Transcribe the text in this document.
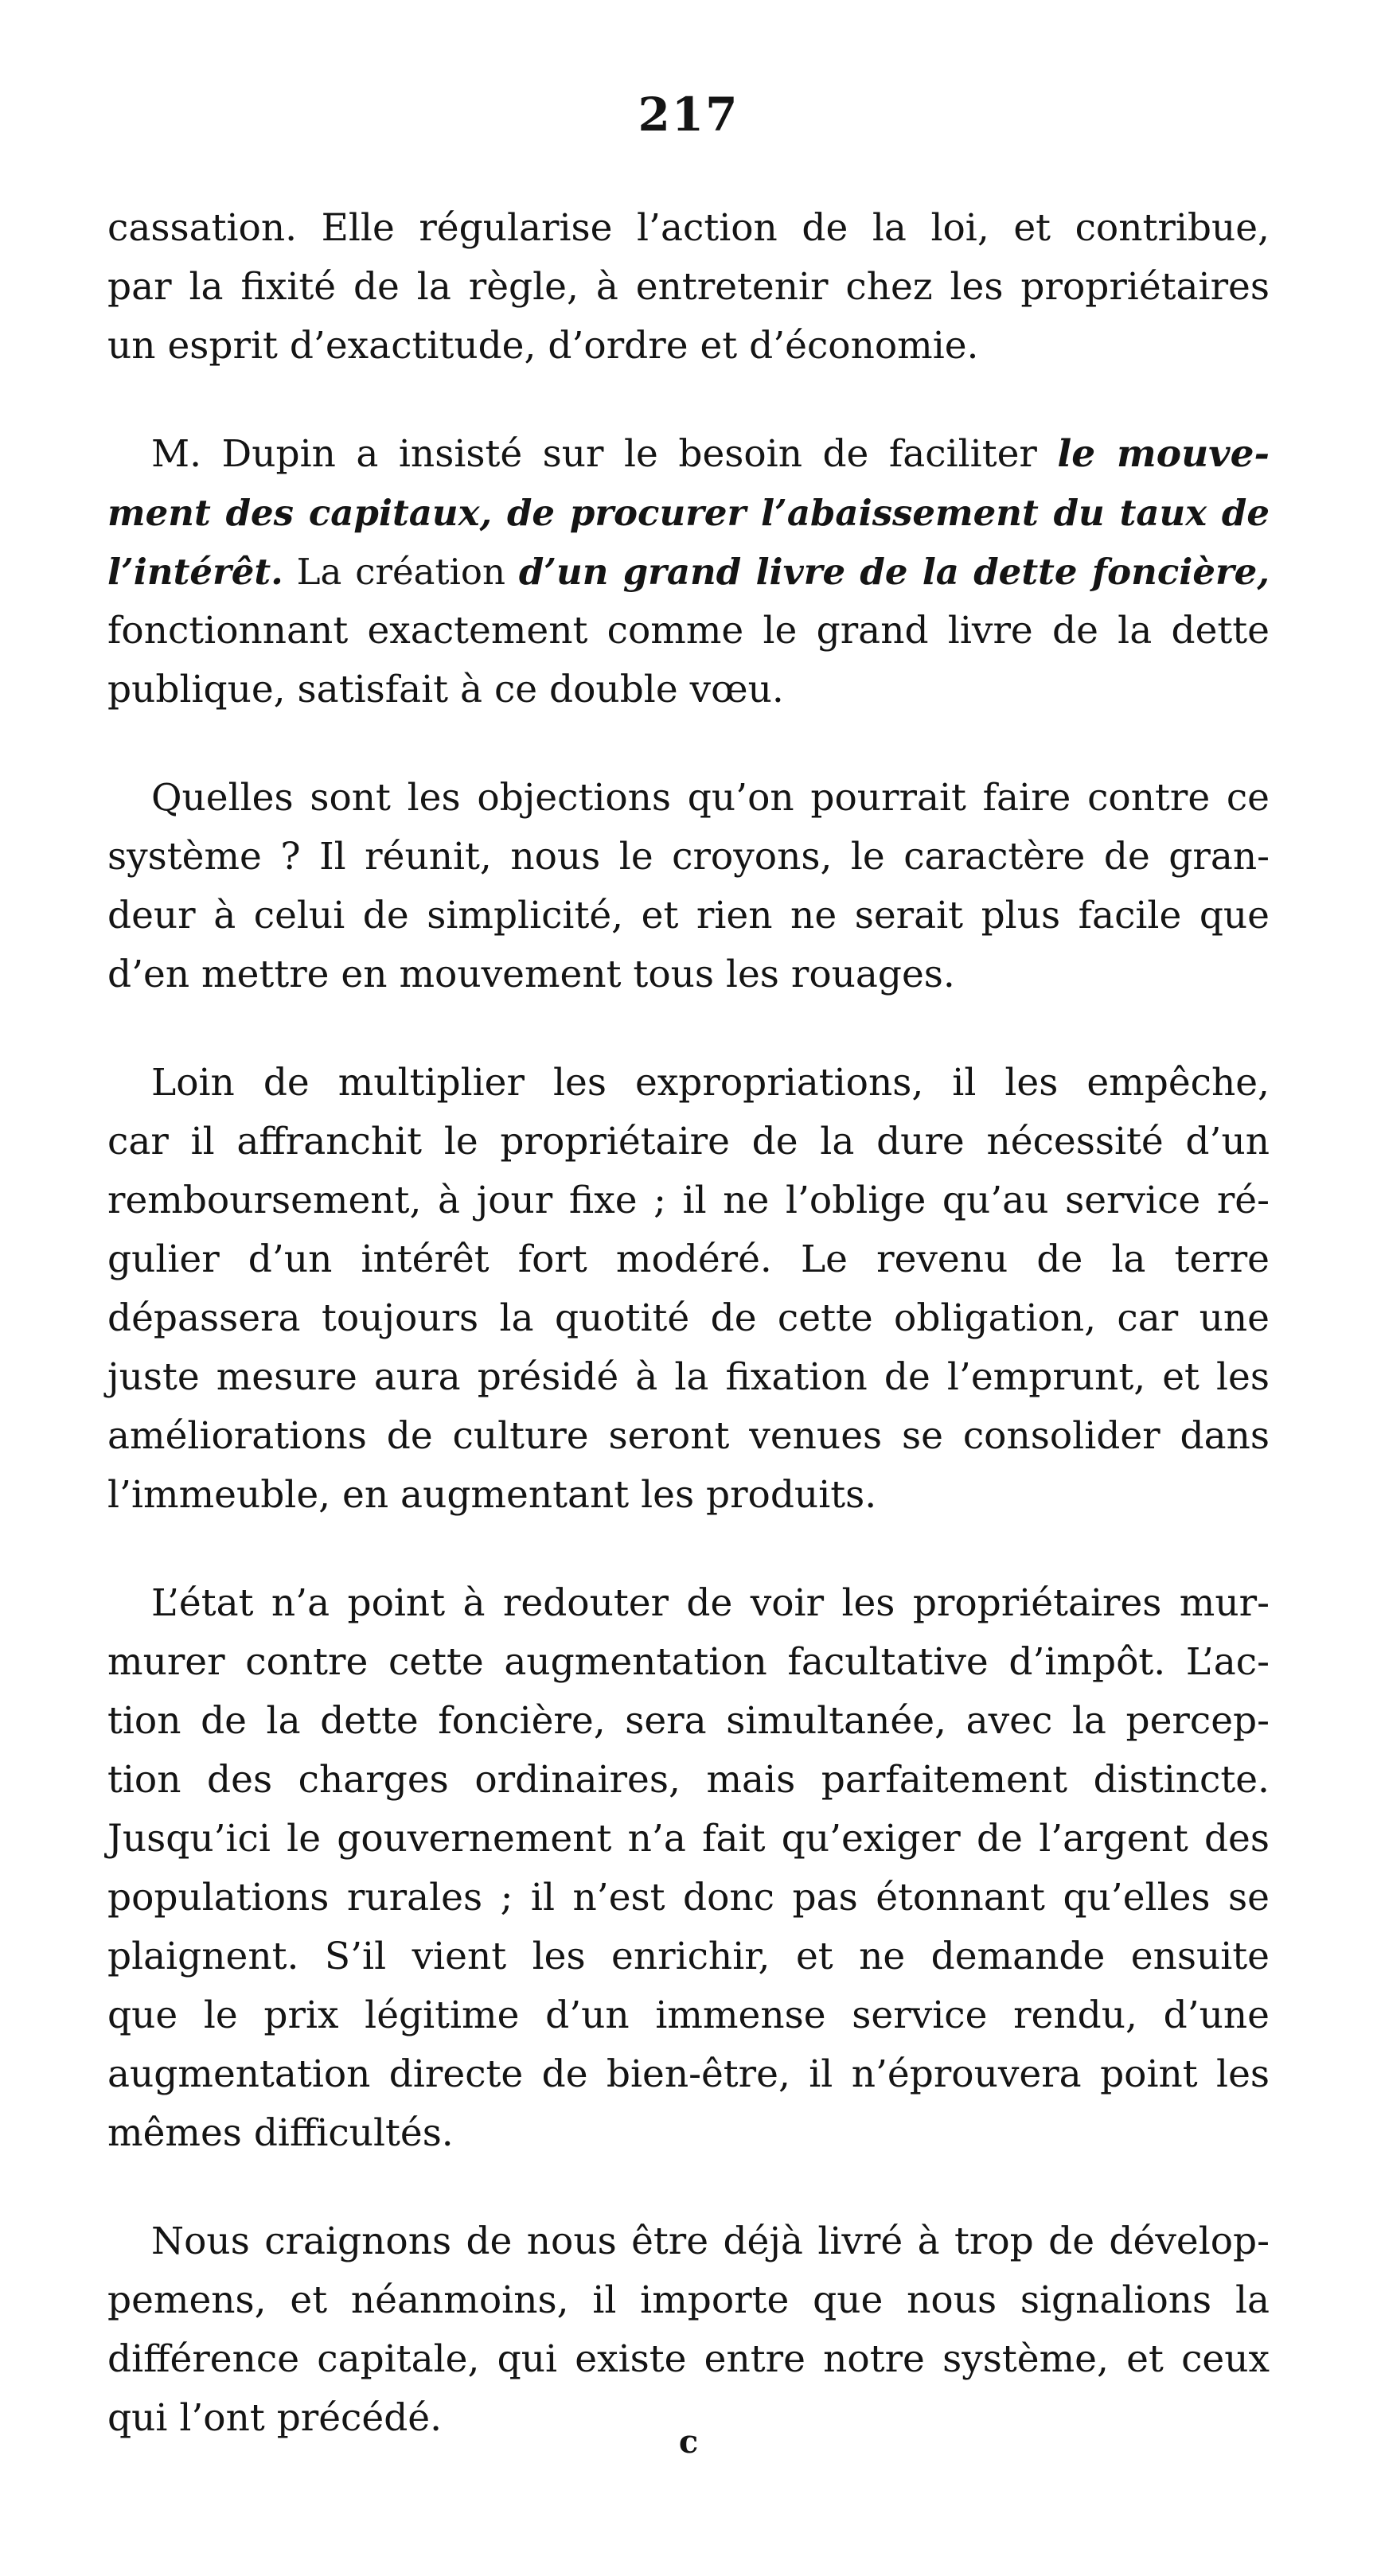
217
cassation. Elle régularise l’action de la loi, et contribue,
par la fixité de la règle, à entretenir chez les propriétaires
un esprit d’exactitude, d’ordre et d’économie.
M. Dupin a insisté sur le besoin de faciliter le mouve-
ment des capitaux, de procurer l’abaissement du taux de
l’intérêt. La création d’un grand livre de la dette foncière,
fonctionnant exactement comme le grand livre de la dette
publique, satisfait à ce double vœu.
Quelles sont les objections qu’on pourrait faire contre ce
système ? Il réunit, nous le croyons, le caractère de gran-
deur à celui de simplicité, et rien ne serait plus facile que
d’en mettre en mouvement tous les rouages.
Loin de multiplier les expropriations, il les empêche,
car il affranchit le propriétaire de la dure nécessité d’un
remboursement, à jour fixe ; il ne l’oblige qu’au service ré-
gulier d’un intérêt fort modéré. Le revenu de la terre
dépassera toujours la quotité de cette obligation, car une
juste mesure aura présidé à la fixation de l’emprunt, et les
améliorations de culture seront venues se consolider dans
l’immeuble, en augmentant les produits.
L’état n’a point à redouter de voir les propriétaires mur-
murer contre cette augmentation facultative d’impôt. L’ac-
tion de la dette foncière, sera simultanée, avec la percep-
tion des charges ordinaires, mais parfaitement distincte.
Jusqu’ici le gouvernement n’a fait qu’exiger de l’argent des
populations rurales ; il n’est donc pas étonnant qu’elles se
plaignent. S’il vient les enrichir, et ne demande ensuite
que le prix légitime d’un immense service rendu, d’une
augmentation directe de bien-être, il n’éprouvera point les
mêmes difficultés.
Nous craignons de nous être déjà livré à trop de dévelop-
pemens, et néanmoins, il importe que nous signalions la
différence capitale, qui existe entre notre système, et ceux
qui l’ont précédé.
c
